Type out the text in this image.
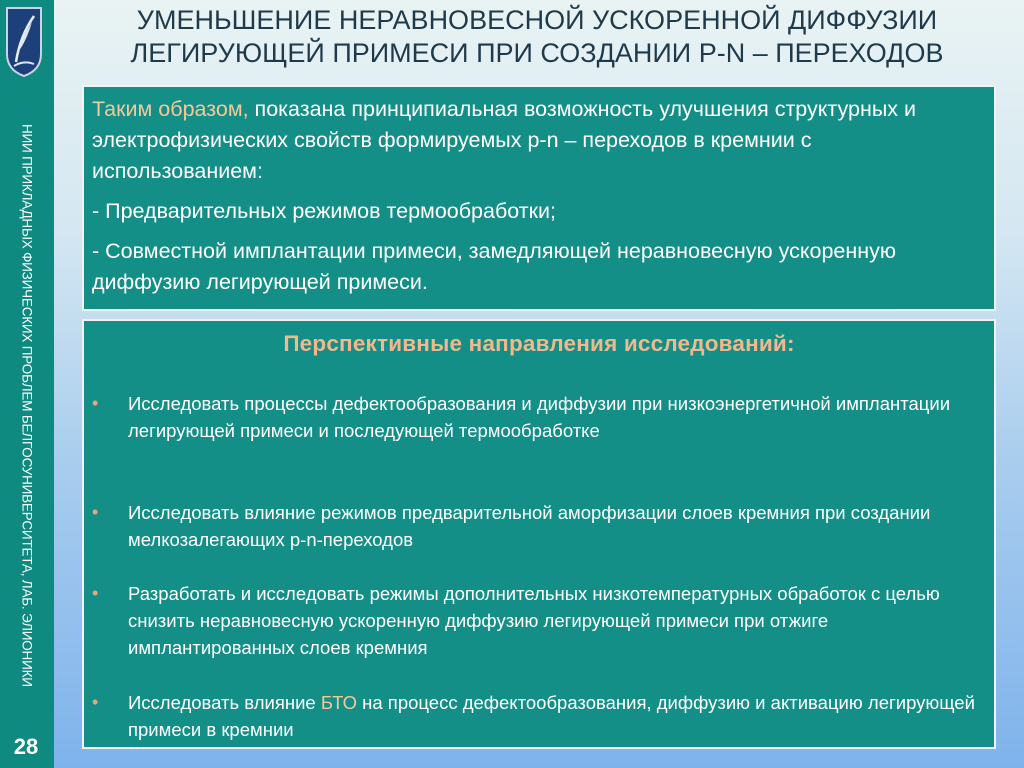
НИИ ПРИКЛАДНЫХ ФИЗИЧЕСКИХ ПРОБЛЕМ БЕЛГОСУНИВЕРСИТЕТА, ЛАБ. ЭЛИОНИКИ
28
УМЕНЬШЕНИЕ НЕРАВНОВЕСНОЙ УСКОРЕННОЙ ДИФФУЗИИ
ЛЕГИРУЮЩЕЙ ПРИМЕСИ ПРИ СОЗДАНИИ P-N – ПЕРЕХОДОВ

Таким образом, показана принципиальная возможность улучшения структурных и электрофизических свойств формируемых p-n – переходов в кремнии с использованием:

- Предварительных режимов термообработки;

- Совместной имплантации примеси, замедляющей неравновесную ускоренную диффузию легирующей примеси.

Перспективные направления исследований:
• Исследовать процессы дефектообразования и диффузии при низкоэнергетичной имплантации легирующей примеси и последующей термообработке
• Исследовать влияние режимов предварительной аморфизации слоев кремния при создании мелкозалегающих p-n-переходов
• Разработать и исследовать режимы дополнительных низкотемпературных обработок с целью снизить неравновесную ускоренную диффузию легирующей примеси при отжиге имплантированных слоев кремния
• Исследовать влияние БТО на процесс дефектообразования, диффузию и активацию легирующей примеси в кремнии
